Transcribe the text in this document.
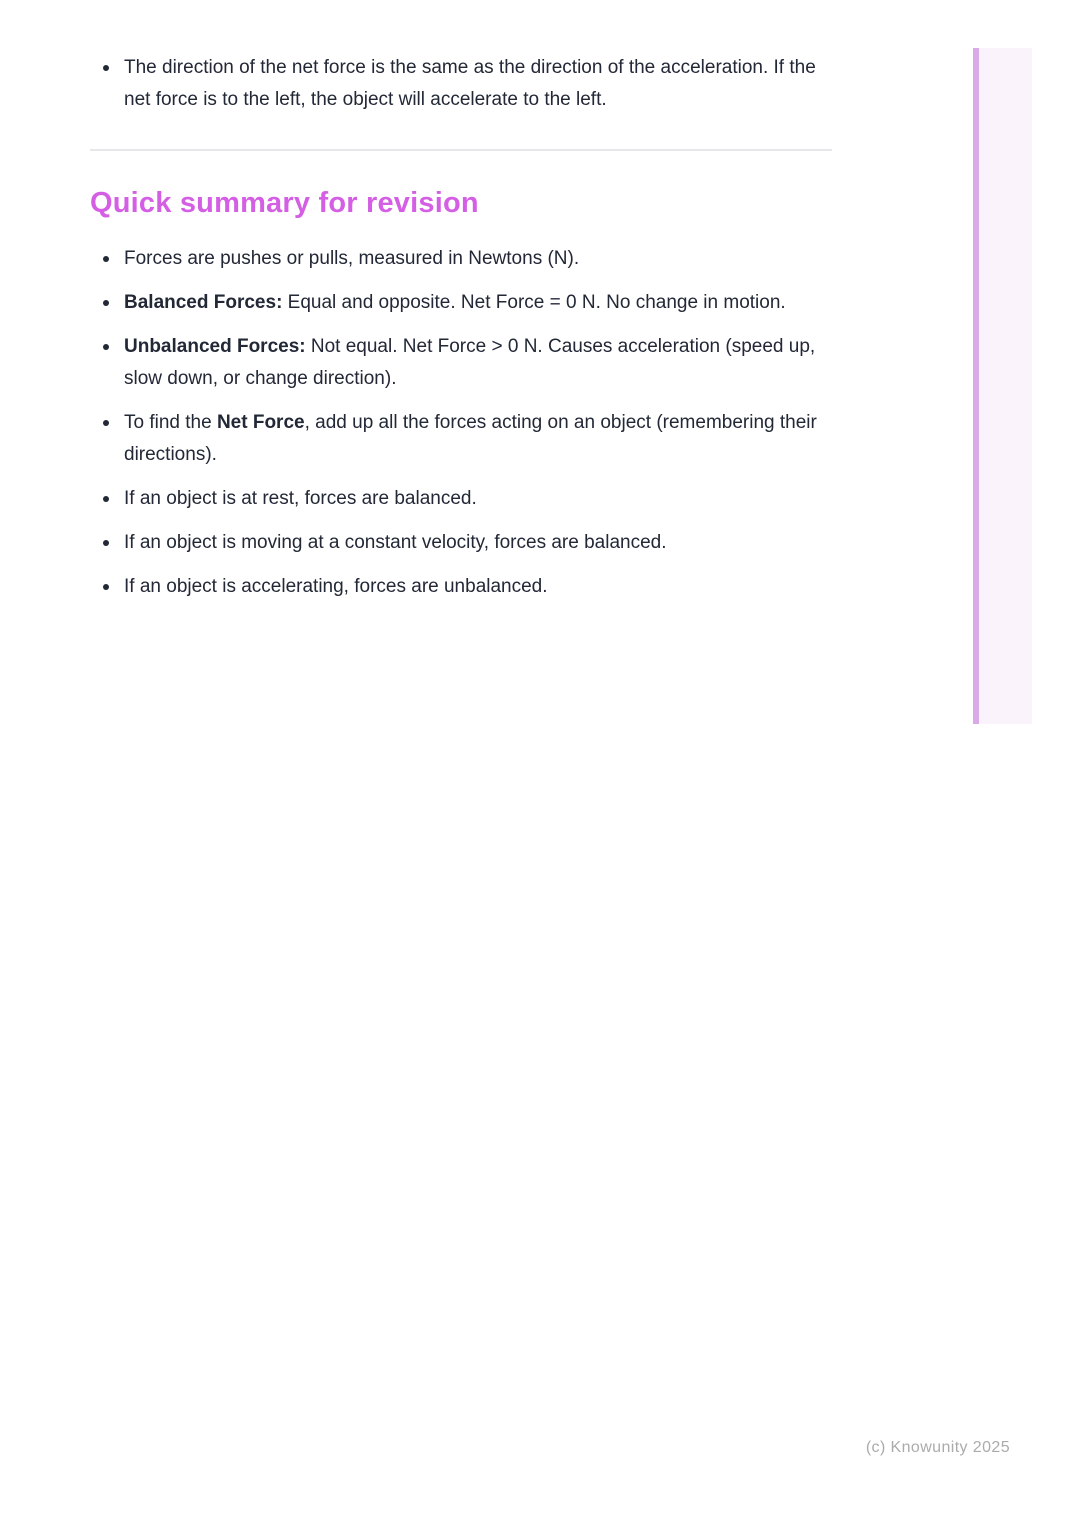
The direction of the net force is the same as the direction of the acceleration. If the net force is to the left, the object will accelerate to the left.
Quick summary for revision
Forces are pushes or pulls, measured in Newtons (N).
Balanced Forces: Equal and opposite. Net Force = 0 N. No change in motion.
Unbalanced Forces: Not equal. Net Force > 0 N. Causes acceleration (speed up, slow down, or change direction).
To find the Net Force, add up all the forces acting on an object (remembering their directions).
If an object is at rest, forces are balanced.
If an object is moving at a constant velocity, forces are balanced.
If an object is accelerating, forces are unbalanced.
(c) Knowunity 2025
